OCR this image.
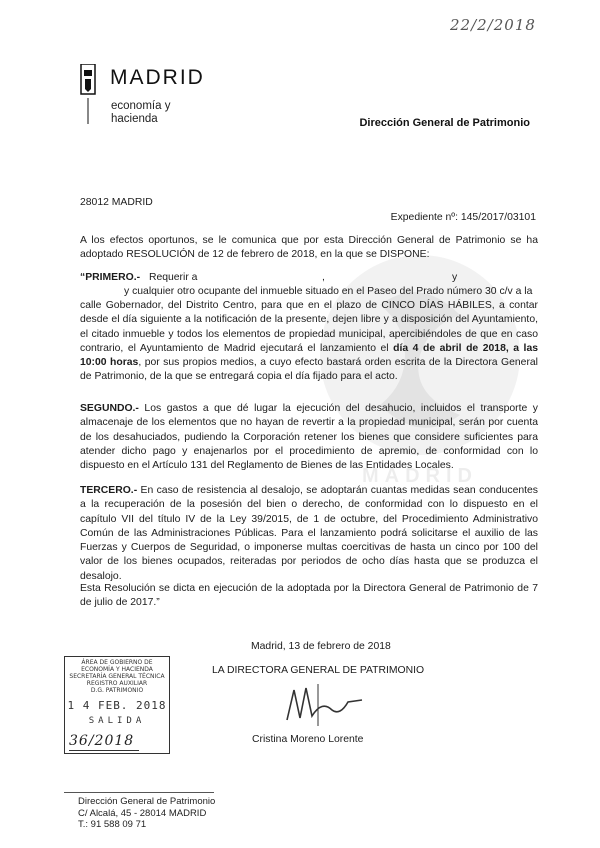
22/2/2018
MADRID
MADRID
economía y
hacienda	Dirección General de Patrimonio
28012 MADRID
Expediente nº: 145/2017/03101
A los efectos oportunos, se le comunica que por esta Dirección General de Patrimonio se ha adoptado RESOLUCIÓN de 12 de febrero de 2018, en la que se DISPONE:
“PRIMERO.- Requerir a	,	y
y cualquier otro ocupante del inmueble situado en el Paseo del Prado número 30 c/v a la
calle Gobernador, del Distrito Centro, para que en el plazo de CINCO DÍAS HÁBILES, a contar desde el día siguiente a la notificación de la presente, dejen libre y a disposición del Ayuntamiento, el citado inmueble y todos los elementos de propiedad municipal, apercibiéndoles de que en caso contrario, el Ayuntamiento de Madrid ejecutará el lanzamiento el día 4 de abril de 2018, a las 10:00 horas, por sus propios medios, a cuyo efecto bastará orden escrita de la Directora General de Patrimonio, de la que se entregará copia el día fijado para el acto.
SEGUNDO.- Los gastos a que dé lugar la ejecución del desahucio, incluidos el transporte y almacenaje de los elementos que no hayan de revertir a la propiedad municipal, serán por cuenta de los desahuciados, pudiendo la Corporación retener los bienes que considere suficientes para atender dicho pago y enajenarlos por el procedimiento de apremio, de conformidad con lo dispuesto en el Artículo 131 del Reglamento de Bienes de las Entidades Locales.
TERCERO.- En caso de resistencia al desalojo, se adoptarán cuantas medidas sean conducentes a la recuperación de la posesión del bien o derecho, de conformidad con lo dispuesto en el capítulo VII del título IV de la Ley 39/2015, de 1 de octubre, del Procedimiento Administrativo Común de las Administraciones Públicas. Para el lanzamiento podrá solicitarse el auxilio de las Fuerzas y Cuerpos de Seguridad, o imponerse multas coercitivas de hasta un cinco por 100 del valor de los bienes ocupados, reiteradas por periodos de ocho días hasta que se produzca el desalojo.
Esta Resolución se dicta en ejecución de la adoptada por la Directora General de Patrimonio de 7 de julio de 2017.”
Madrid, 13 de febrero de 2018
LA DIRECTORA GENERAL DE PATRIMONIO
Cristina Moreno Lorente
ÁREA DE GOBIERNO DE
ECONOMÍA Y HACIENDA
SECRETARÍA GENERAL TÉCNICA
REGISTRO AUXILIAR
D.G. PATRIMONIO
1 4 FEB. 2018
SALIDA
36/2018
Dirección General de Patrimonio
C/ Alcalá, 45 - 28014 MADRID
T.: 91 588 09 71
